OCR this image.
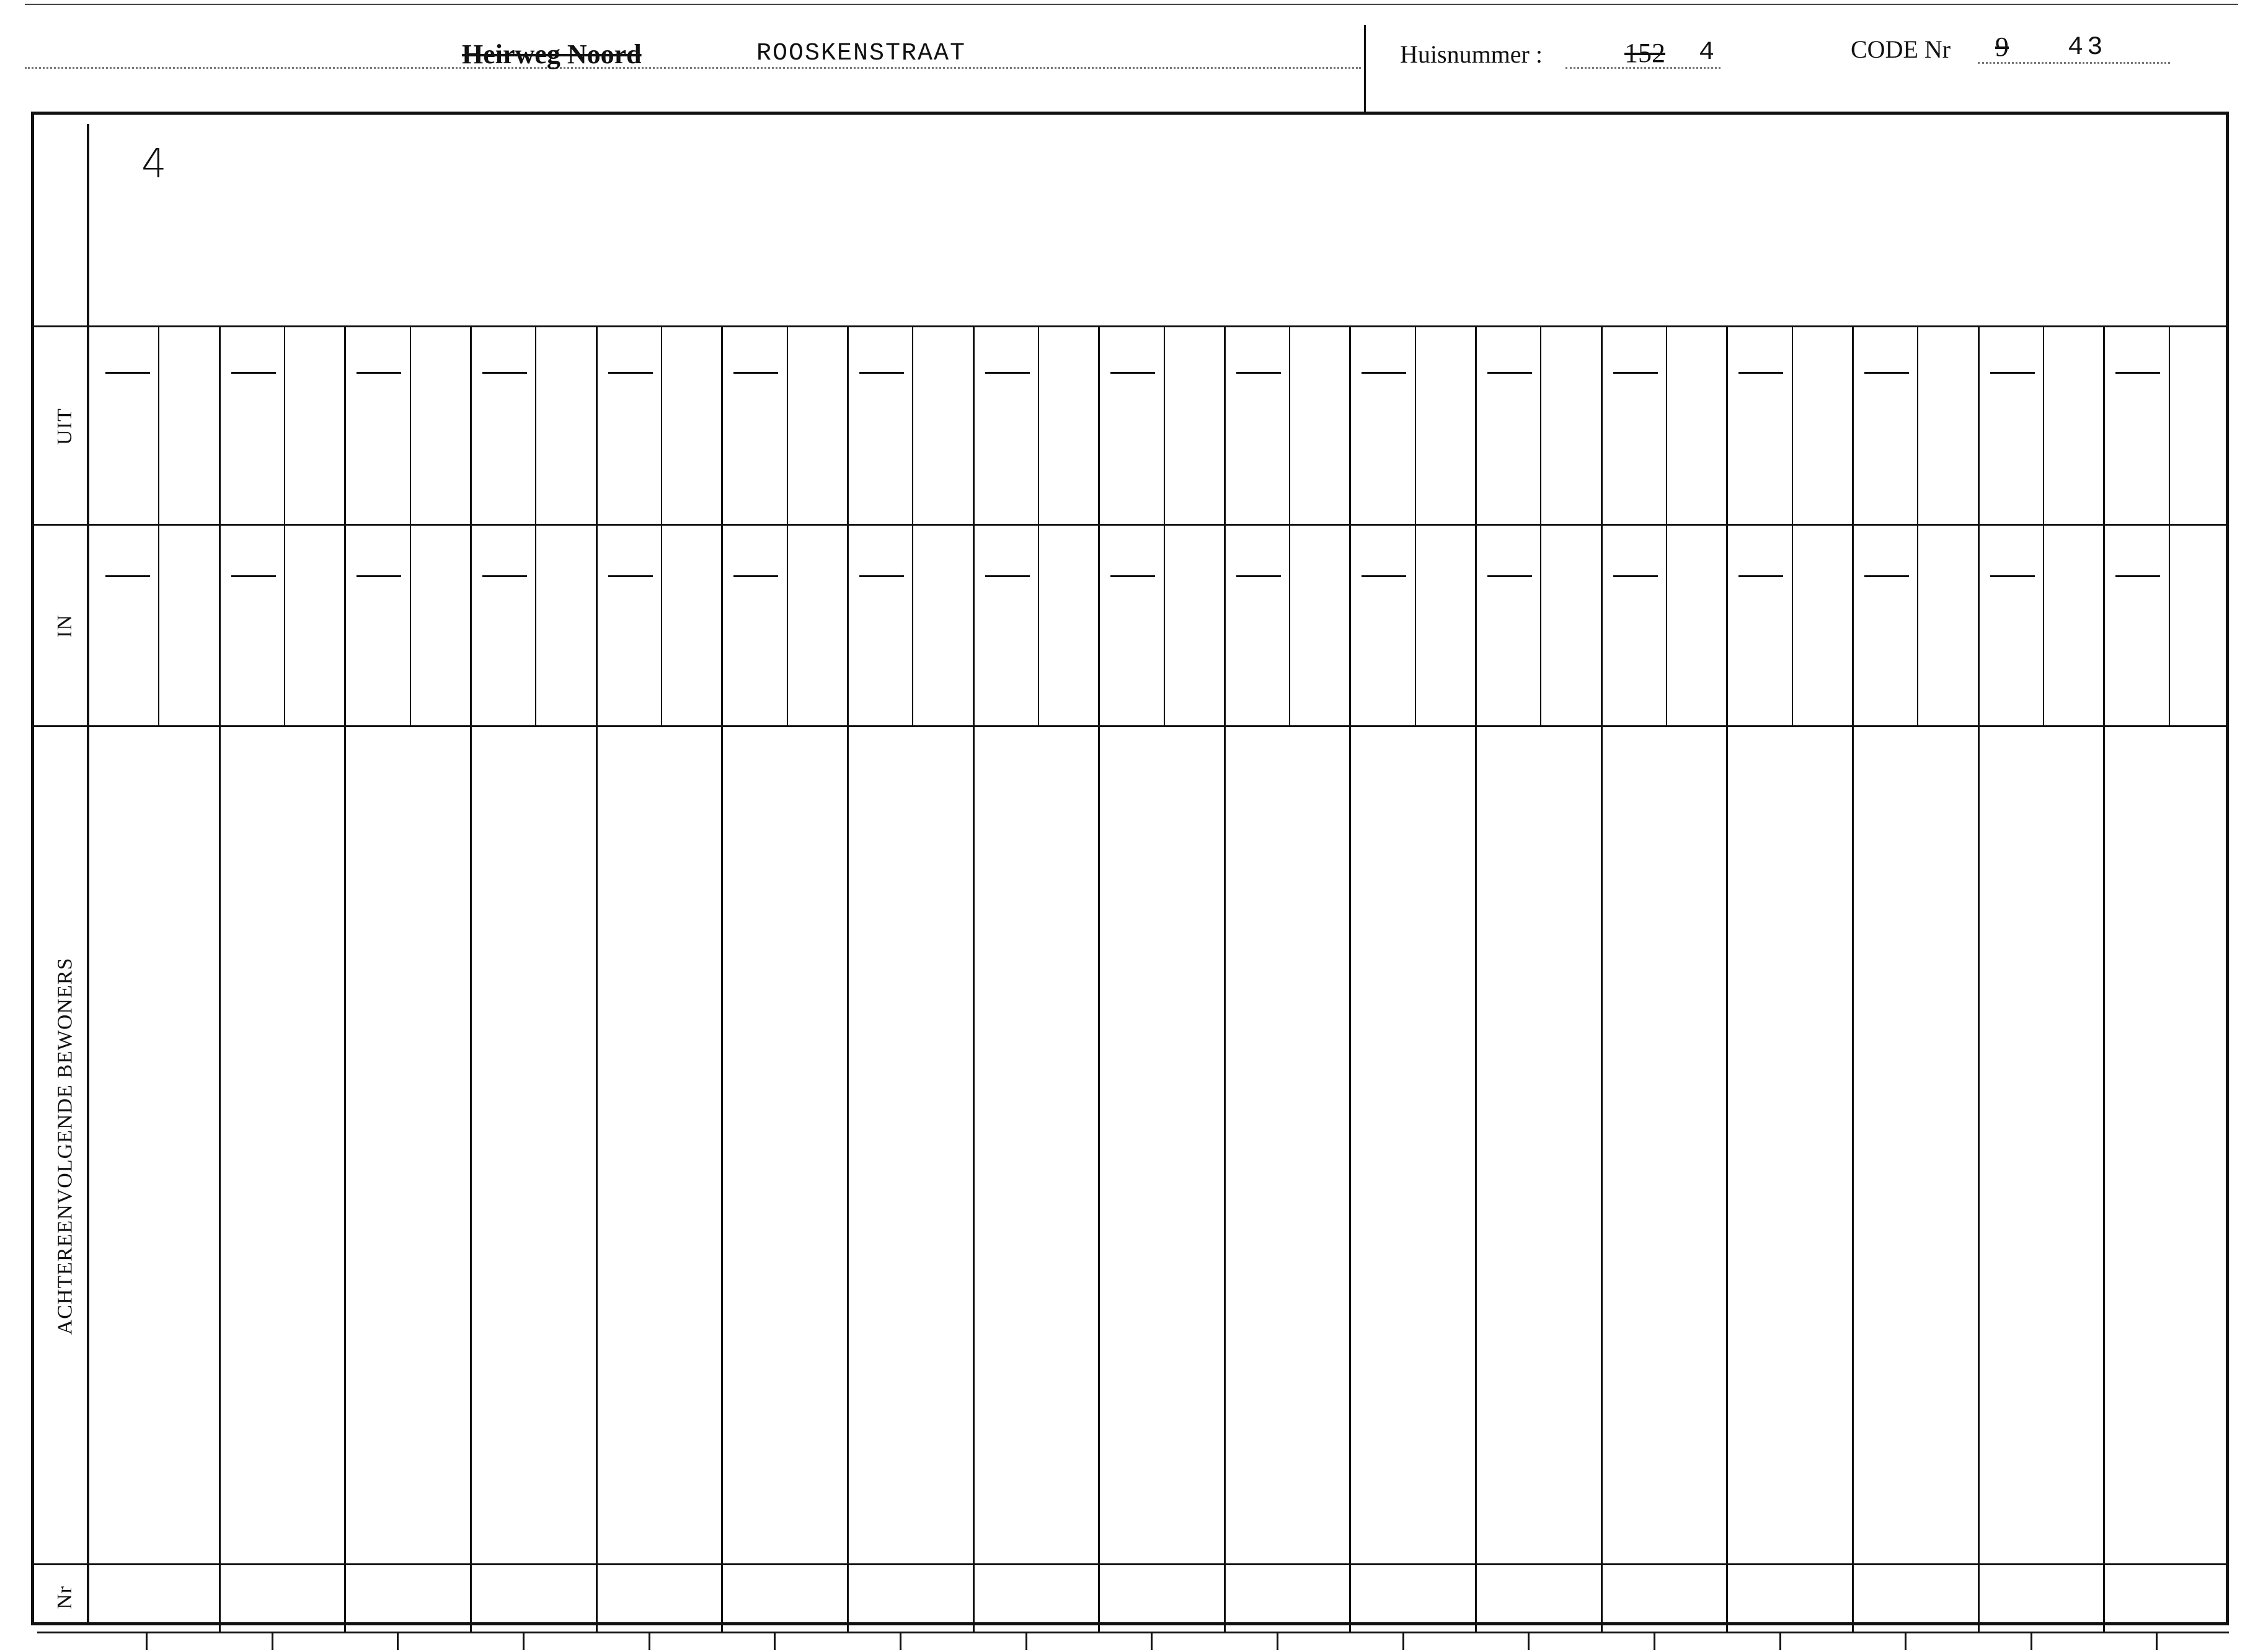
Heirweg Noord	ROOSKENSTRAAT	Huisnummer :	152 4	CODE Nr 9 43
4
UIT
IN
ACHTEREENVOLGENDE BEWONERS
Nr
